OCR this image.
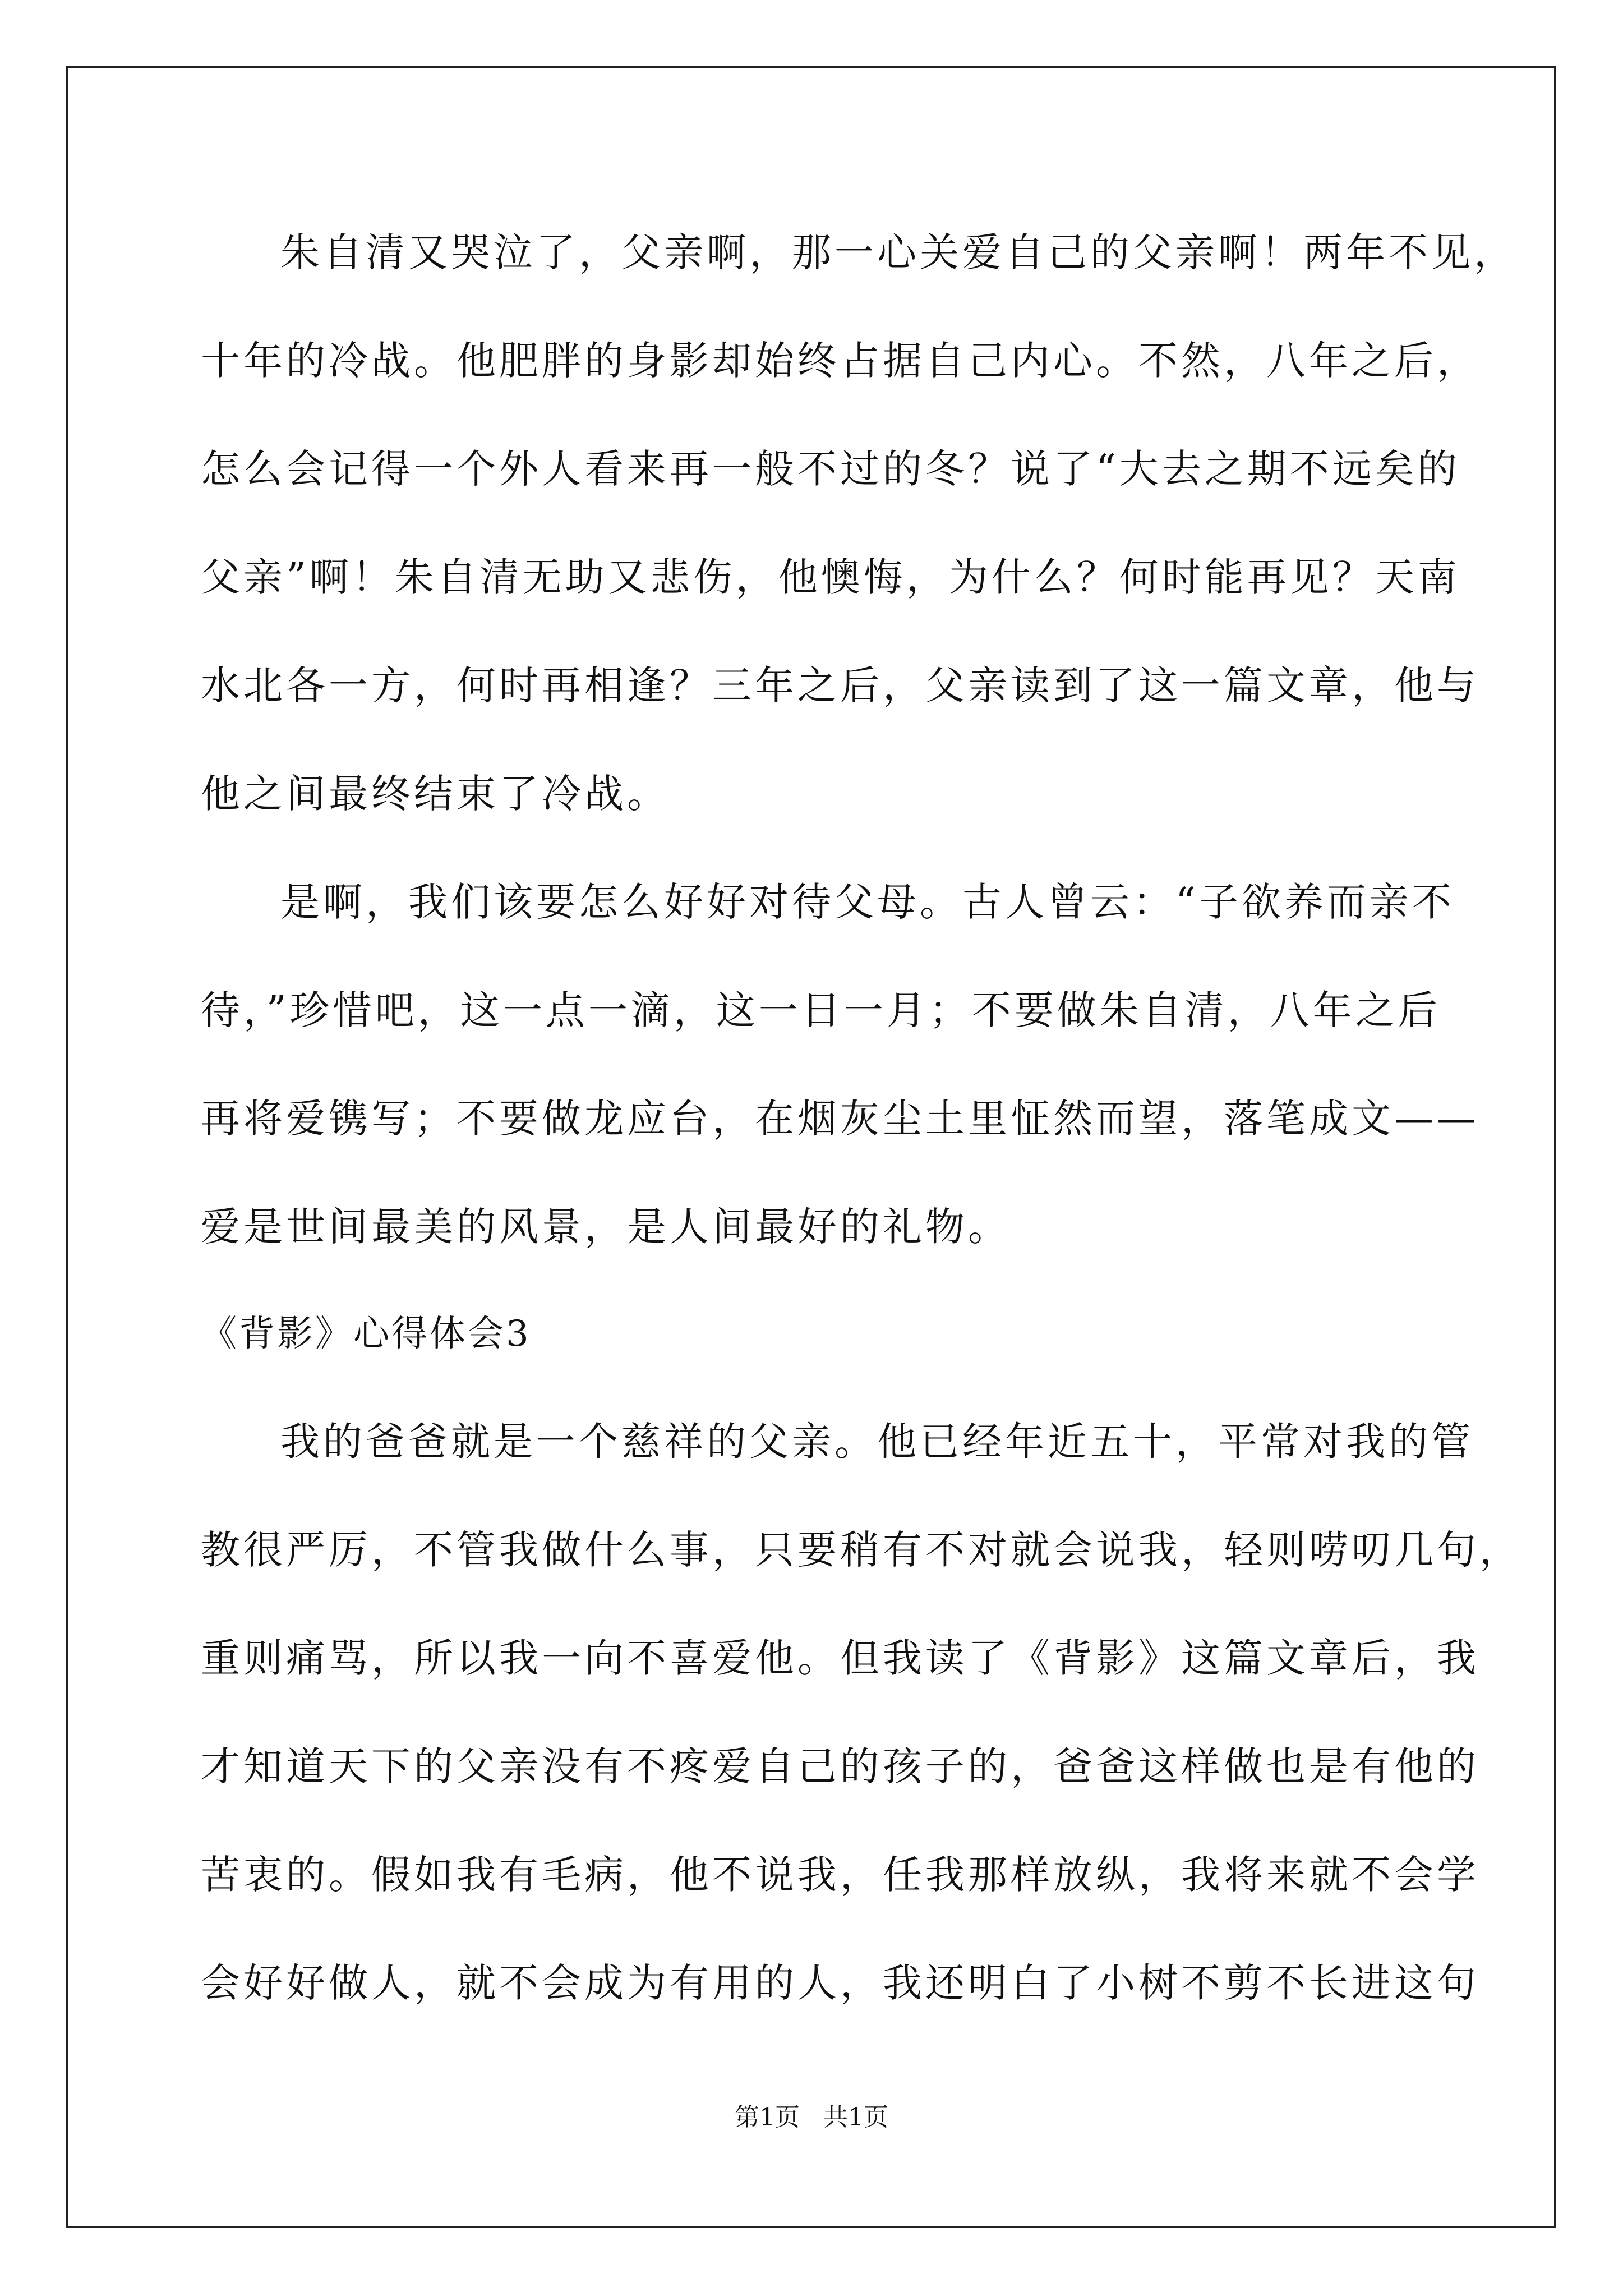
朱自清又哭泣了，父亲啊，那一心关爱自己的父亲啊！两年不见，
十年的冷战。他肥胖的身影却始终占据自己内心。不然，八年之后，
怎么会记得一个外人看来再一般不过的冬？说了“大去之期不远矣的
父亲”啊！朱自清无助又悲伤，他懊悔，为什么？何时能再见？天南
水北各一方，何时再相逢？三年之后，父亲读到了这一篇文章，他与
他之间最终结束了冷战。
是啊，我们该要怎么好好对待父母。古人曾云：“子欲养而亲不
待，”珍惜吧，这一点一滴，这一日一月；不要做朱自清，八年之后
再将爱镌写；不要做龙应台，在烟灰尘土里怔然而望，落笔成文——
爱是世间最美的风景，是人间最好的礼物。
我的爸爸就是一个慈祥的父亲。他已经年近五十，平常对我的管
教很严厉，不管我做什么事，只要稍有不对就会说我，轻则唠叨几句，
重则痛骂，所以我一向不喜爱他。但我读了《背影》这篇文章后，我
才知道天下的父亲没有不疼爱自己的孩子的，爸爸这样做也是有他的
苦衷的。假如我有毛病，他不说我，任我那样放纵，我将来就不会学
会好好做人，就不会成为有用的人，我还明白了小树不剪不长进这句
《背影》心得体会3
第1页   共1页
